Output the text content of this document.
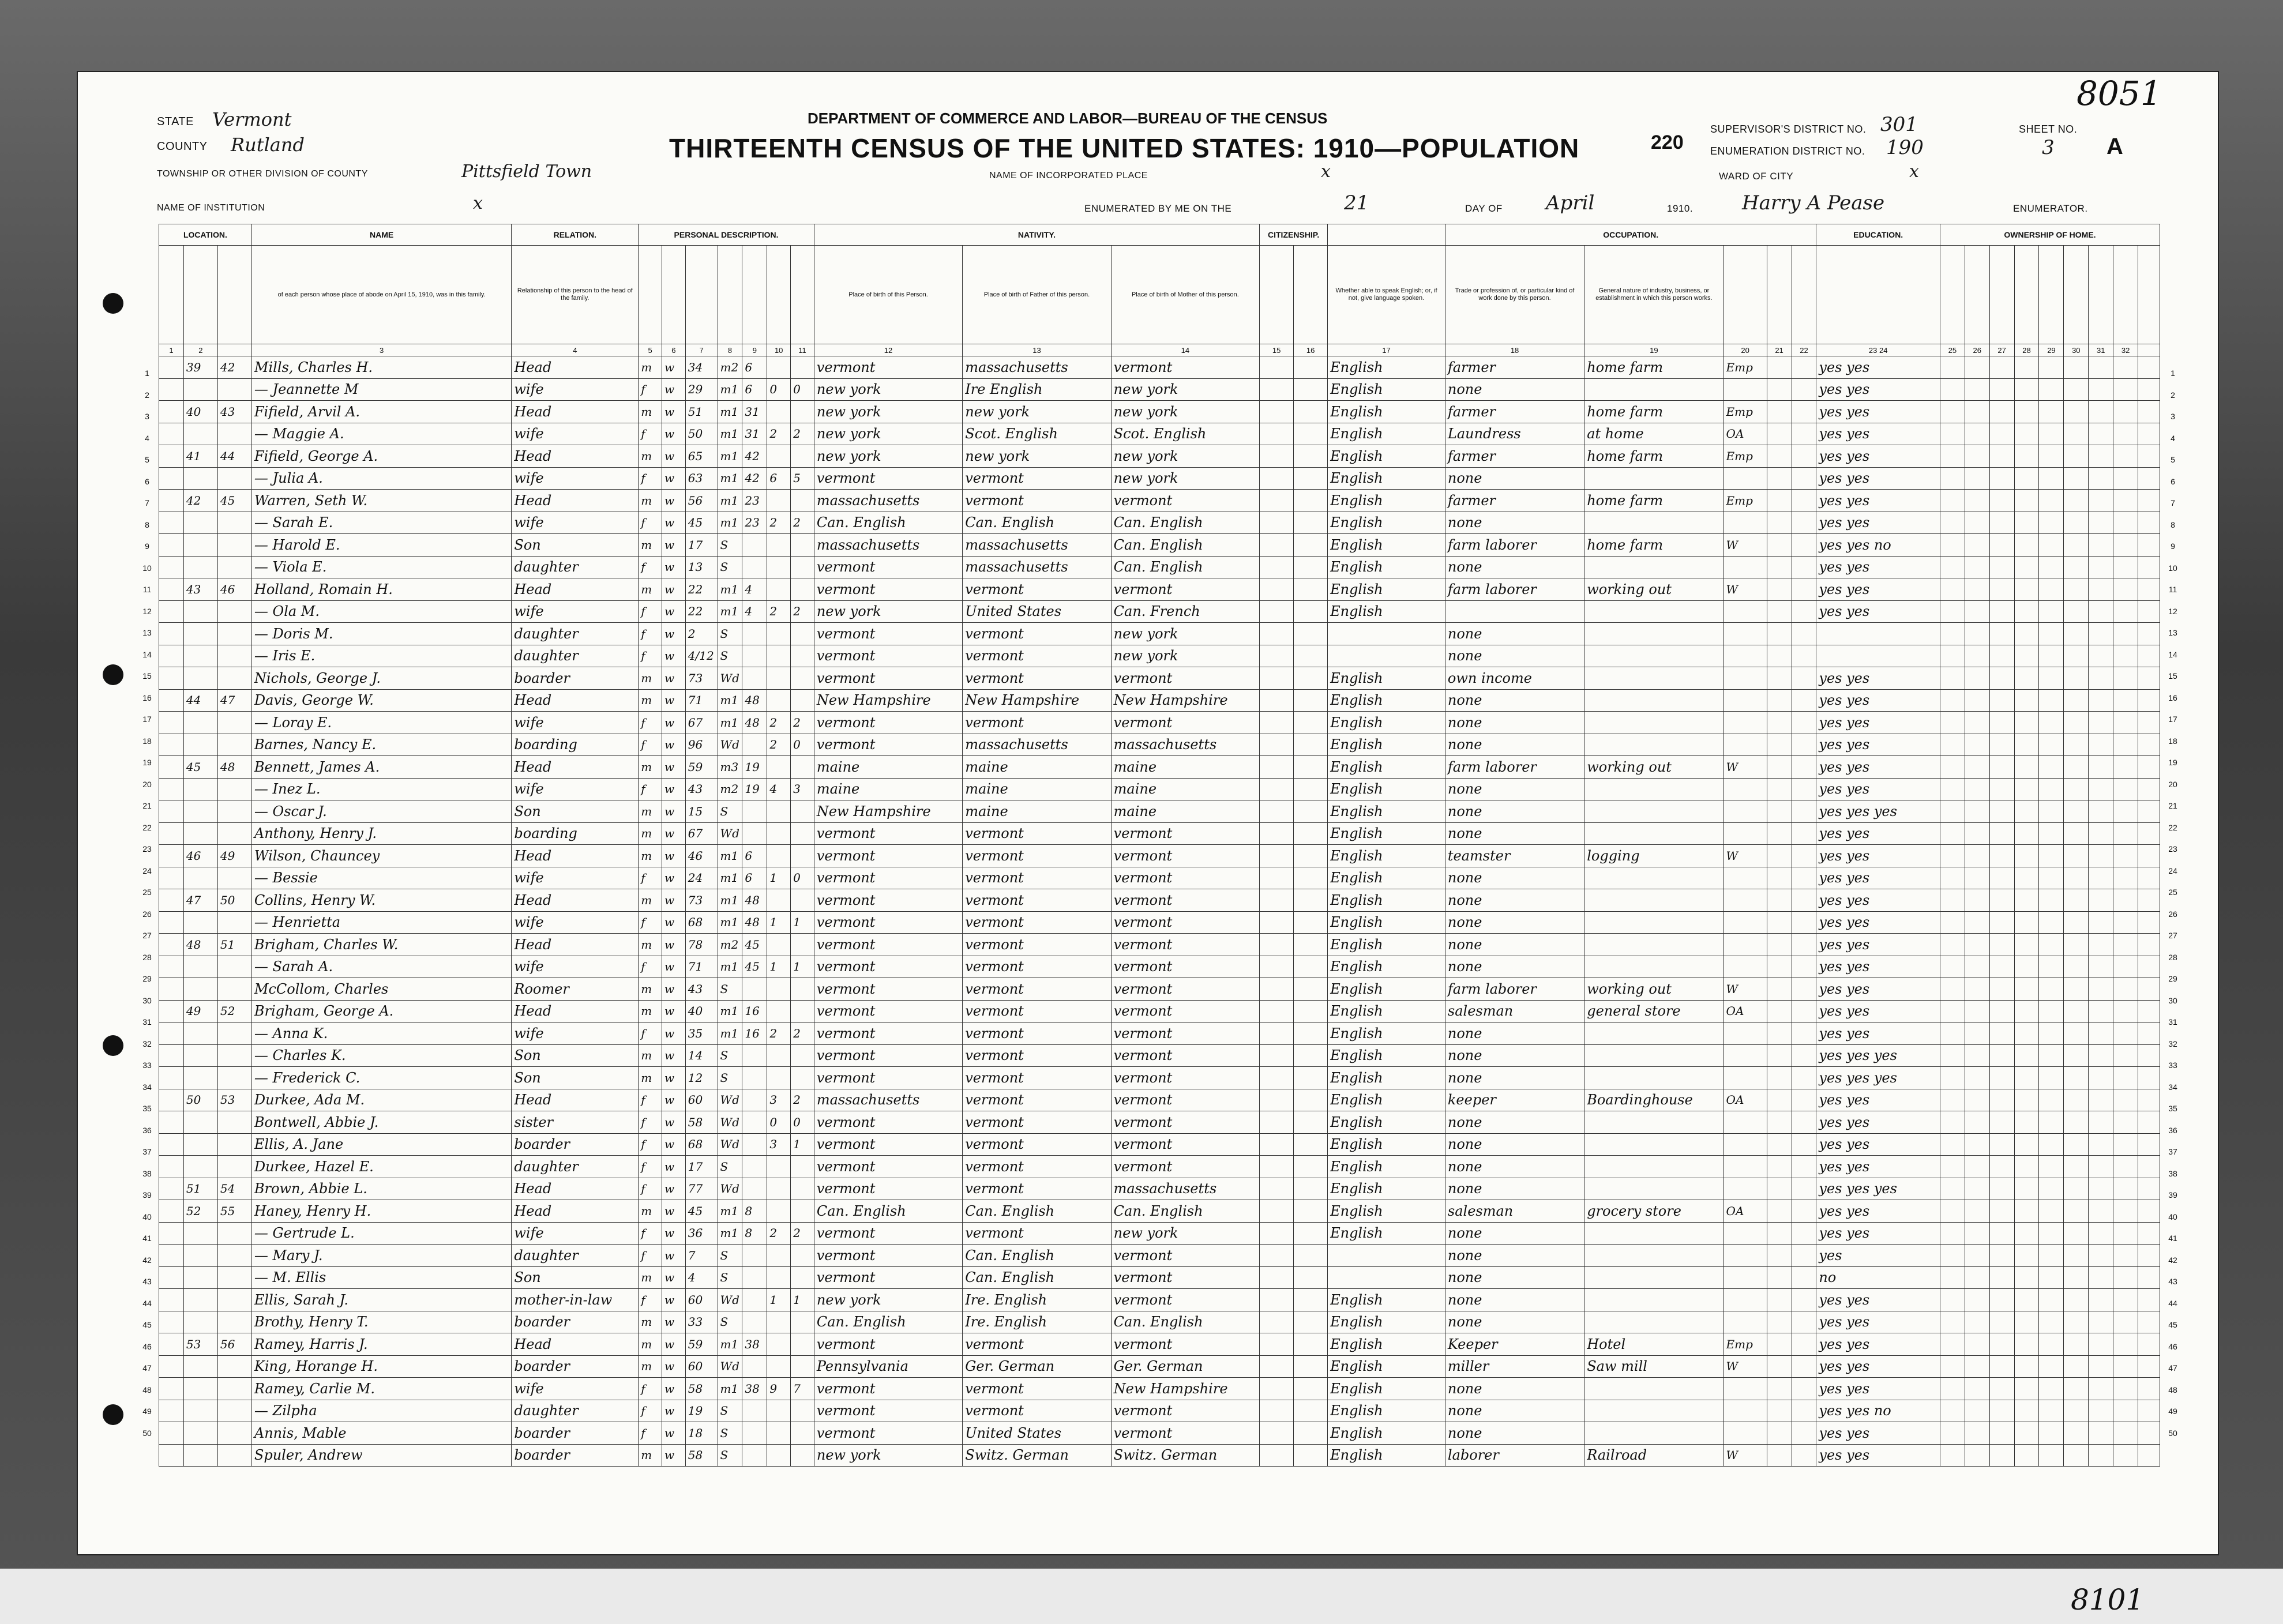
STATE Vermont
COUNTY Rutland
TOWNSHIP OR OTHER DIVISION OF COUNTY	Pittsfield Town
NAME OF INSTITUTION	x
DEPARTMENT OF COMMERCE AND LABOR—BUREAU OF THE CENSUS
THIRTEENTH CENSUS OF THE UNITED STATES: 1910—POPULATION
NAME OF INCORPORATED PLACE	x
ENUMERATED BY ME ON THE	21	DAY OF April	1910. Harry A Pease	ENUMERATOR.
220
SUPERVISOR'S DISTRICT NO. 301
ENUMERATION DISTRICT NO. 190
SHEET NO.
3 A
WARD OF CITY	x
8051
8101
LOCATION.			NAME	RELATION.	PERSONAL DESCRIPTION.							NATIVITY.			CITIZENSHIP.			OCCUPATION.					EDUCATION.	OWNERSHIP OF HOME.								
			of each person whose place of abode on April 15, 1910, was in this family.	Relationship of this person to the head of the family.								Place of birth of this Person.	Place of birth of Father of this person.	Place of birth of Mother of this person.			Whether able to speak English; or, if not, give language spoken.	Trade or profession of, or particular kind of work done by this person.	General nature of industry, business, or establishment in which this person works.													
1	2		3	4	5	6	7	8	9	10	11	12	13	14	15	16	17	18	19	20	21	22	23 24	25	26	27	28	29	30	31	32	
	39	42	Mills, Charles H.	Head	m	w	34	m2	6			vermont	massachusetts	vermont			English	farmer	home farm	Emp			yes yes									
			— Jeannette M	wife	f	w	29	m1	6	0	0	new york	Ire English	new york			English	none					yes yes									
	40	43	Fifield, Arvil A.	Head	m	w	51	m1	31			new york	new york	new york			English	farmer	home farm	Emp			yes yes									
			— Maggie A.	wife	f	w	50	m1	31	2	2	new york	Scot. English	Scot. English			English	Laundress	at home	OA			yes yes									
	41	44	Fifield, George A.	Head	m	w	65	m1	42			new york	new york	new york			English	farmer	home farm	Emp			yes yes									
			— Julia A.	wife	f	w	63	m1	42	6	5	vermont	vermont	new york			English	none					yes yes									
	42	45	Warren, Seth W.	Head	m	w	56	m1	23			massachusetts	vermont	vermont			English	farmer	home farm	Emp			yes yes									
			— Sarah E.	wife	f	w	45	m1	23	2	2	Can. English	Can. English	Can. English			English	none					yes yes									
			— Harold E.	Son	m	w	17	S				massachusetts	massachusetts	Can. English			English	farm laborer	home farm	W			yes yes no									
			— Viola E.	daughter	f	w	13	S				vermont	massachusetts	Can. English			English	none					yes yes									
	43	46	Holland, Romain H.	Head	m	w	22	m1	4			vermont	vermont	vermont			English	farm laborer	working out	W			yes yes									
			— Ola M.	wife	f	w	22	m1	4	2	2	new york	United States	Can. French			English						yes yes									
			— Doris M.	daughter	f	w	2	S				vermont	vermont	new york				none														
			— Iris E.	daughter	f	w	4/12	S				vermont	vermont	new york				none														
			Nichols, George J.	boarder	m	w	73	Wd				vermont	vermont	vermont			English	own income					yes yes									
	44	47	Davis, George W.	Head	m	w	71	m1	48			New Hampshire	New Hampshire	New Hampshire			English	none					yes yes									
			— Loray E.	wife	f	w	67	m1	48	2	2	vermont	vermont	vermont			English	none					yes yes									
			Barnes, Nancy E.	boarding	f	w	96	Wd		2	0	vermont	massachusetts	massachusetts			English	none					yes yes									
	45	48	Bennett, James A.	Head	m	w	59	m3	19			maine	maine	maine			English	farm laborer	working out	W			yes yes									
			— Inez L.	wife	f	w	43	m2	19	4	3	maine	maine	maine			English	none					yes yes									
			— Oscar J.	Son	m	w	15	S				New Hampshire	maine	maine			English	none					yes yes yes									
			Anthony, Henry J.	boarding	m	w	67	Wd				vermont	vermont	vermont			English	none					yes yes									
	46	49	Wilson, Chauncey	Head	m	w	46	m1	6			vermont	vermont	vermont			English	teamster	logging	W			yes yes									
			— Bessie	wife	f	w	24	m1	6	1	0	vermont	vermont	vermont			English	none					yes yes									
	47	50	Collins, Henry W.	Head	m	w	73	m1	48			vermont	vermont	vermont			English	none					yes yes									
			— Henrietta	wife	f	w	68	m1	48	1	1	vermont	vermont	vermont			English	none					yes yes									
	48	51	Brigham, Charles W.	Head	m	w	78	m2	45			vermont	vermont	vermont			English	none					yes yes									
			— Sarah A.	wife	f	w	71	m1	45	1	1	vermont	vermont	vermont			English	none					yes yes									
			McCollom, Charles	Roomer	m	w	43	S				vermont	vermont	vermont			English	farm laborer	working out	W			yes yes									
	49	52	Brigham, George A.	Head	m	w	40	m1	16			vermont	vermont	vermont			English	salesman	general store	OA			yes yes									
			— Anna K.	wife	f	w	35	m1	16	2	2	vermont	vermont	vermont			English	none					yes yes									
			— Charles K.	Son	m	w	14	S				vermont	vermont	vermont			English	none					yes yes yes									
			— Frederick C.	Son	m	w	12	S				vermont	vermont	vermont			English	none					yes yes yes									
	50	53	Durkee, Ada M.	Head	f	w	60	Wd		3	2	massachusetts	vermont	vermont			English	keeper	Boardinghouse	OA			yes yes									
			Bontwell, Abbie J.	sister	f	w	58	Wd		0	0	vermont	vermont	vermont			English	none					yes yes									
			Ellis, A. Jane	boarder	f	w	68	Wd		3	1	vermont	vermont	vermont			English	none					yes yes									
			Durkee, Hazel E.	daughter	f	w	17	S				vermont	vermont	vermont			English	none					yes yes									
	51	54	Brown, Abbie L.	Head	f	w	77	Wd				vermont	vermont	massachusetts			English	none					yes yes yes									
	52	55	Haney, Henry H.	Head	m	w	45	m1	8			Can. English	Can. English	Can. English			English	salesman	grocery store	OA			yes yes									
			— Gertrude L.	wife	f	w	36	m1	8	2	2	vermont	vermont	new york			English	none					yes yes									
			— Mary J.	daughter	f	w	7	S				vermont	Can. English	vermont				none					yes									
			— M. Ellis	Son	m	w	4	S				vermont	Can. English	vermont				none					no									
			Ellis, Sarah J.	mother-in-law	f	w	60	Wd		1	1	new york	Ire. English	vermont			English	none					yes yes									
			Brothy, Henry T.	boarder	m	w	33	S				Can. English	Ire. English	Can. English			English	none					yes yes									
	53	56	Ramey, Harris J.	Head	m	w	59	m1	38			vermont	vermont	vermont			English	Keeper	Hotel	Emp			yes yes									
			King, Horange H.	boarder	m	w	60	Wd				Pennsylvania	Ger. German	Ger. German			English	miller	Saw mill	W			yes yes									
			Ramey, Carlie M.	wife	f	w	58	m1	38	9	7	vermont	vermont	New Hampshire			English	none					yes yes									
			— Zilpha	daughter	f	w	19	S				vermont	vermont	vermont			English	none					yes yes no									
			Annis, Mable	boarder	f	w	18	S				vermont	United States	vermont			English	none					yes yes									
			Spuler, Andrew	boarder	m	w	58	S				new york	Switz. German	Switz. German			English	laborer	Railroad	W			yes yes									
1	1
2	2
3	3
4	4
5	5
6	6
7	7
8	8
9	9
10	10
11	11
12	12
13	13
14	14
15	15
16	16
17	17
18	18
19	19
20	20
21	21
22	22
23	23
24	24
25	25
26	26
27	27
28	28
29	29
30	30
31	31
32	32
33	33
34	34
35	35
36	36
37	37
38	38
39	39
40	40
41	41
42	42
43	43
44	44
45	45
46	46
47	47
48	48
49	49
50	50
